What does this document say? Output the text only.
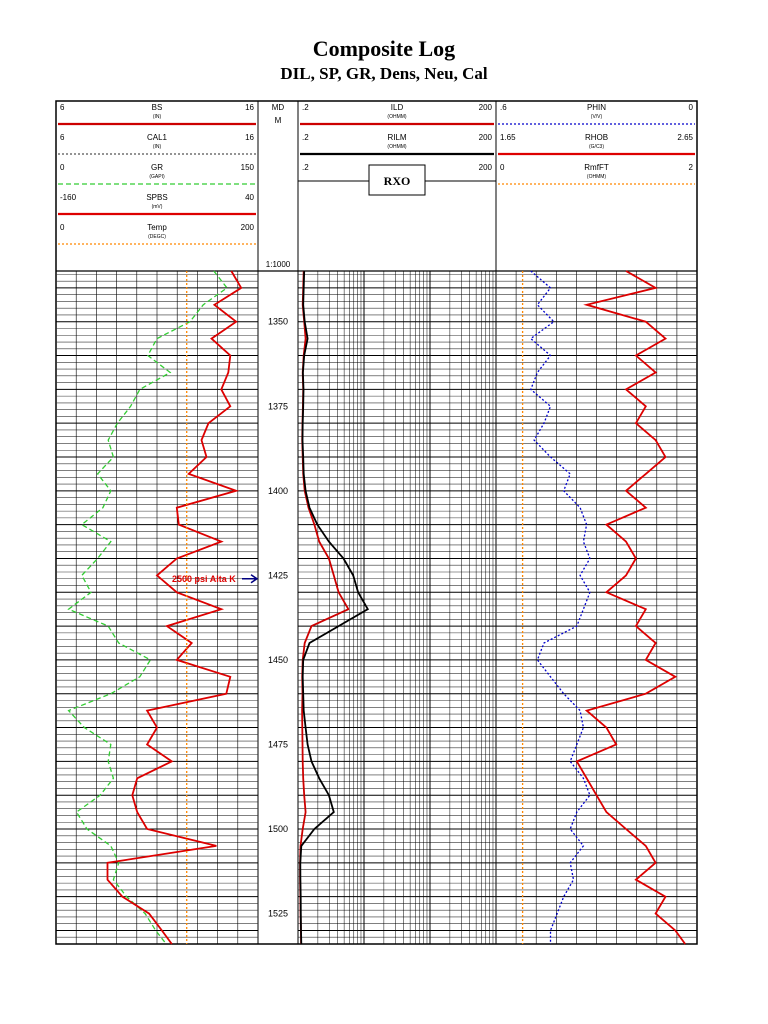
Composite Log
DIL, SP, GR, Dens, Neu, Cal
6	16
BS
(IN)
6	16
CAL1
(IN)
0	150
GR
(GAPI)
-160	40
SPBS
(mV)
0	200
Temp
(DEGC)
.2	200
ILD
(OHMM)
.2	200
RILM
(OHMM)
.2	200
RXO
.6	0
PHIN
(V/V)
1.65	2.65
RHOB
(G/C3)
0	2
RmfFT
(OHMM)
MD
M
1:1000
1350
1375
1400
1425
1450
1475
1500
1525
2500 psi Alta K
